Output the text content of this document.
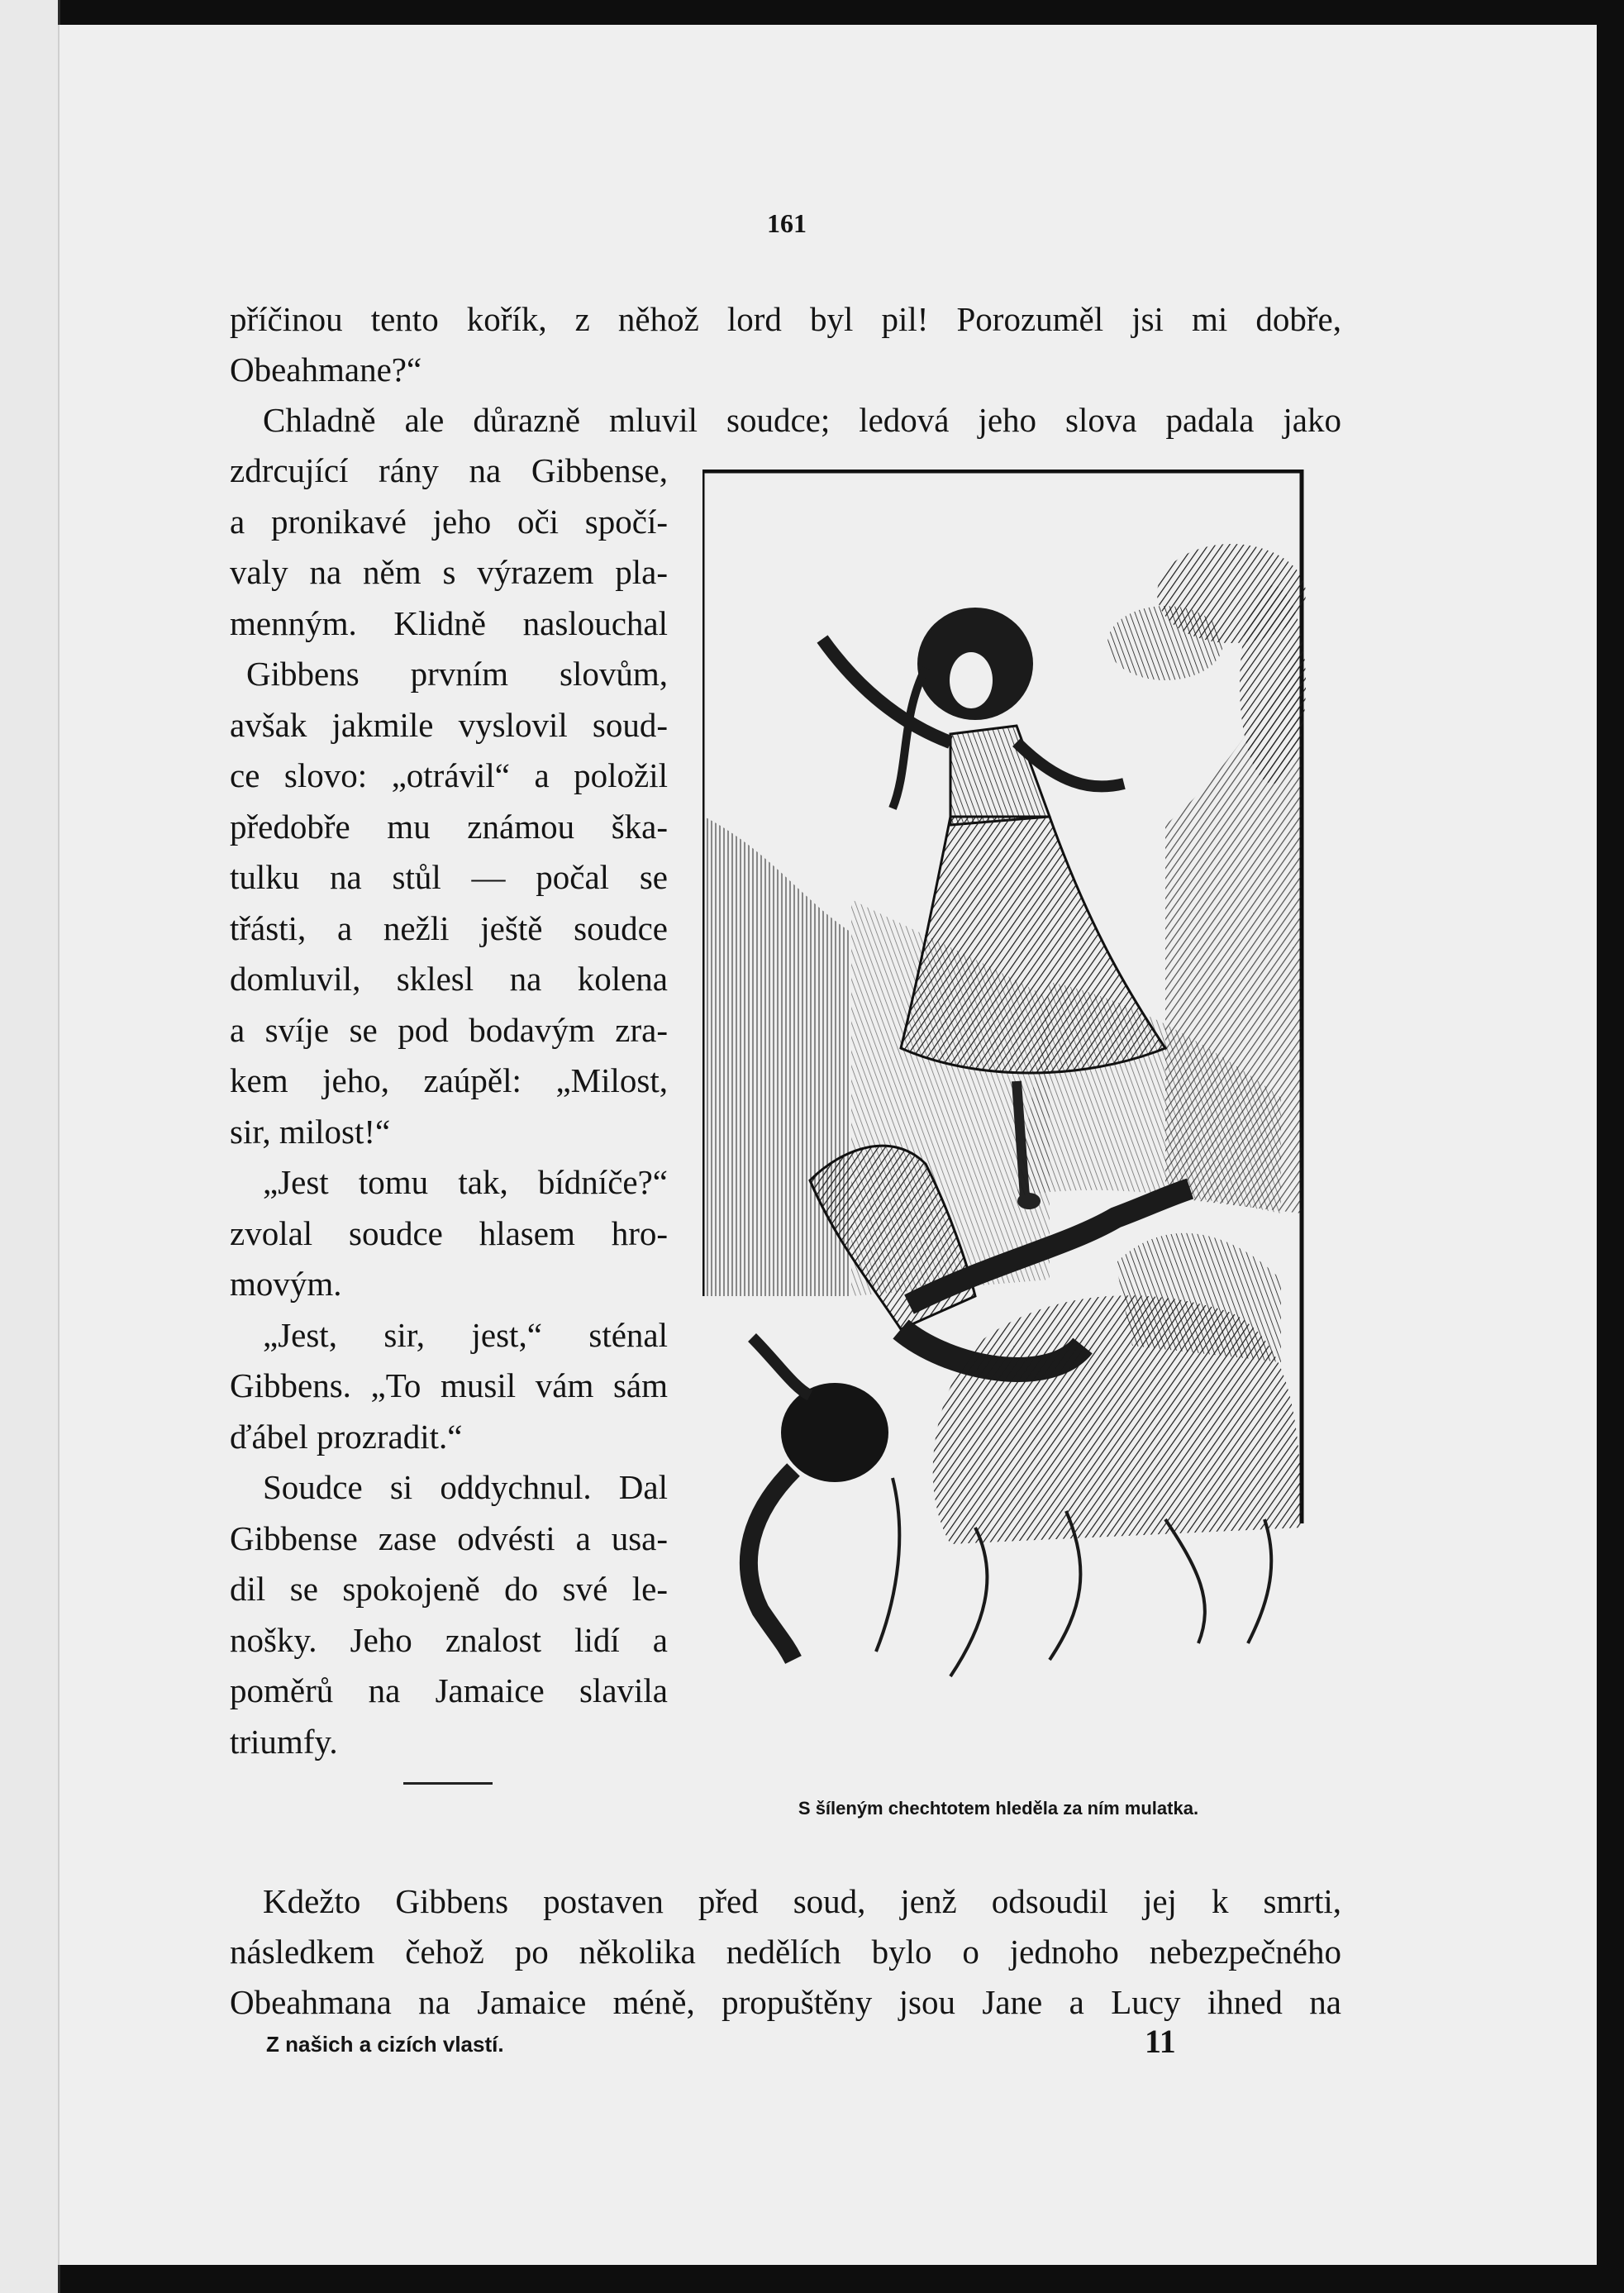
161

příčinou tento kořík, z něhož lord byl pil! Porozuměl jsi mi dobře,

Obeahmane?“

Chladně ale důrazně mluvil soudce; ledová jeho slova padala jako

zdrcující rány na Gibbense,

a pronikavé jeho oči spočí-

valy na něm s výrazem pla-

menným. Klidně naslouchal

Gibbens prvním slovům,

avšak jakmile vyslovil soud-

ce slovo: „otrávil“ a položil

předobře mu známou ška-

tulku na stůl — počal se

třásti, a nežli ještě soudce

domluvil, sklesl na kolena

a svíje se pod bodavým zra-

kem jeho, zaúpěl: „Milost,

sir, milost!“

„Jest tomu tak, bídníče?“

zvolal soudce hlasem hro-

movým.

„Jest, sir, jest,“ sténal

Gibbens. „To musil vám sám

ďábel prozradit.“

Soudce si oddychnul. Dal

Gibbense zase odvésti a usa-

dil se spokojeně do své le-

nošky. Jeho znalost lidí a

poměrů na Jamaice slavila

triumfy.

S šíleným chechtotem hleděla za ním mulatka.

Kdežto Gibbens postaven před soud, jenž odsoudil jej k smrti,

následkem čehož po několika nedělích bylo o jednoho nebezpečného

Obeahmana na Jamaice méně, propuštěny jsou Jane a Lucy ihned na

Z našich a cizích vlastí.	11
